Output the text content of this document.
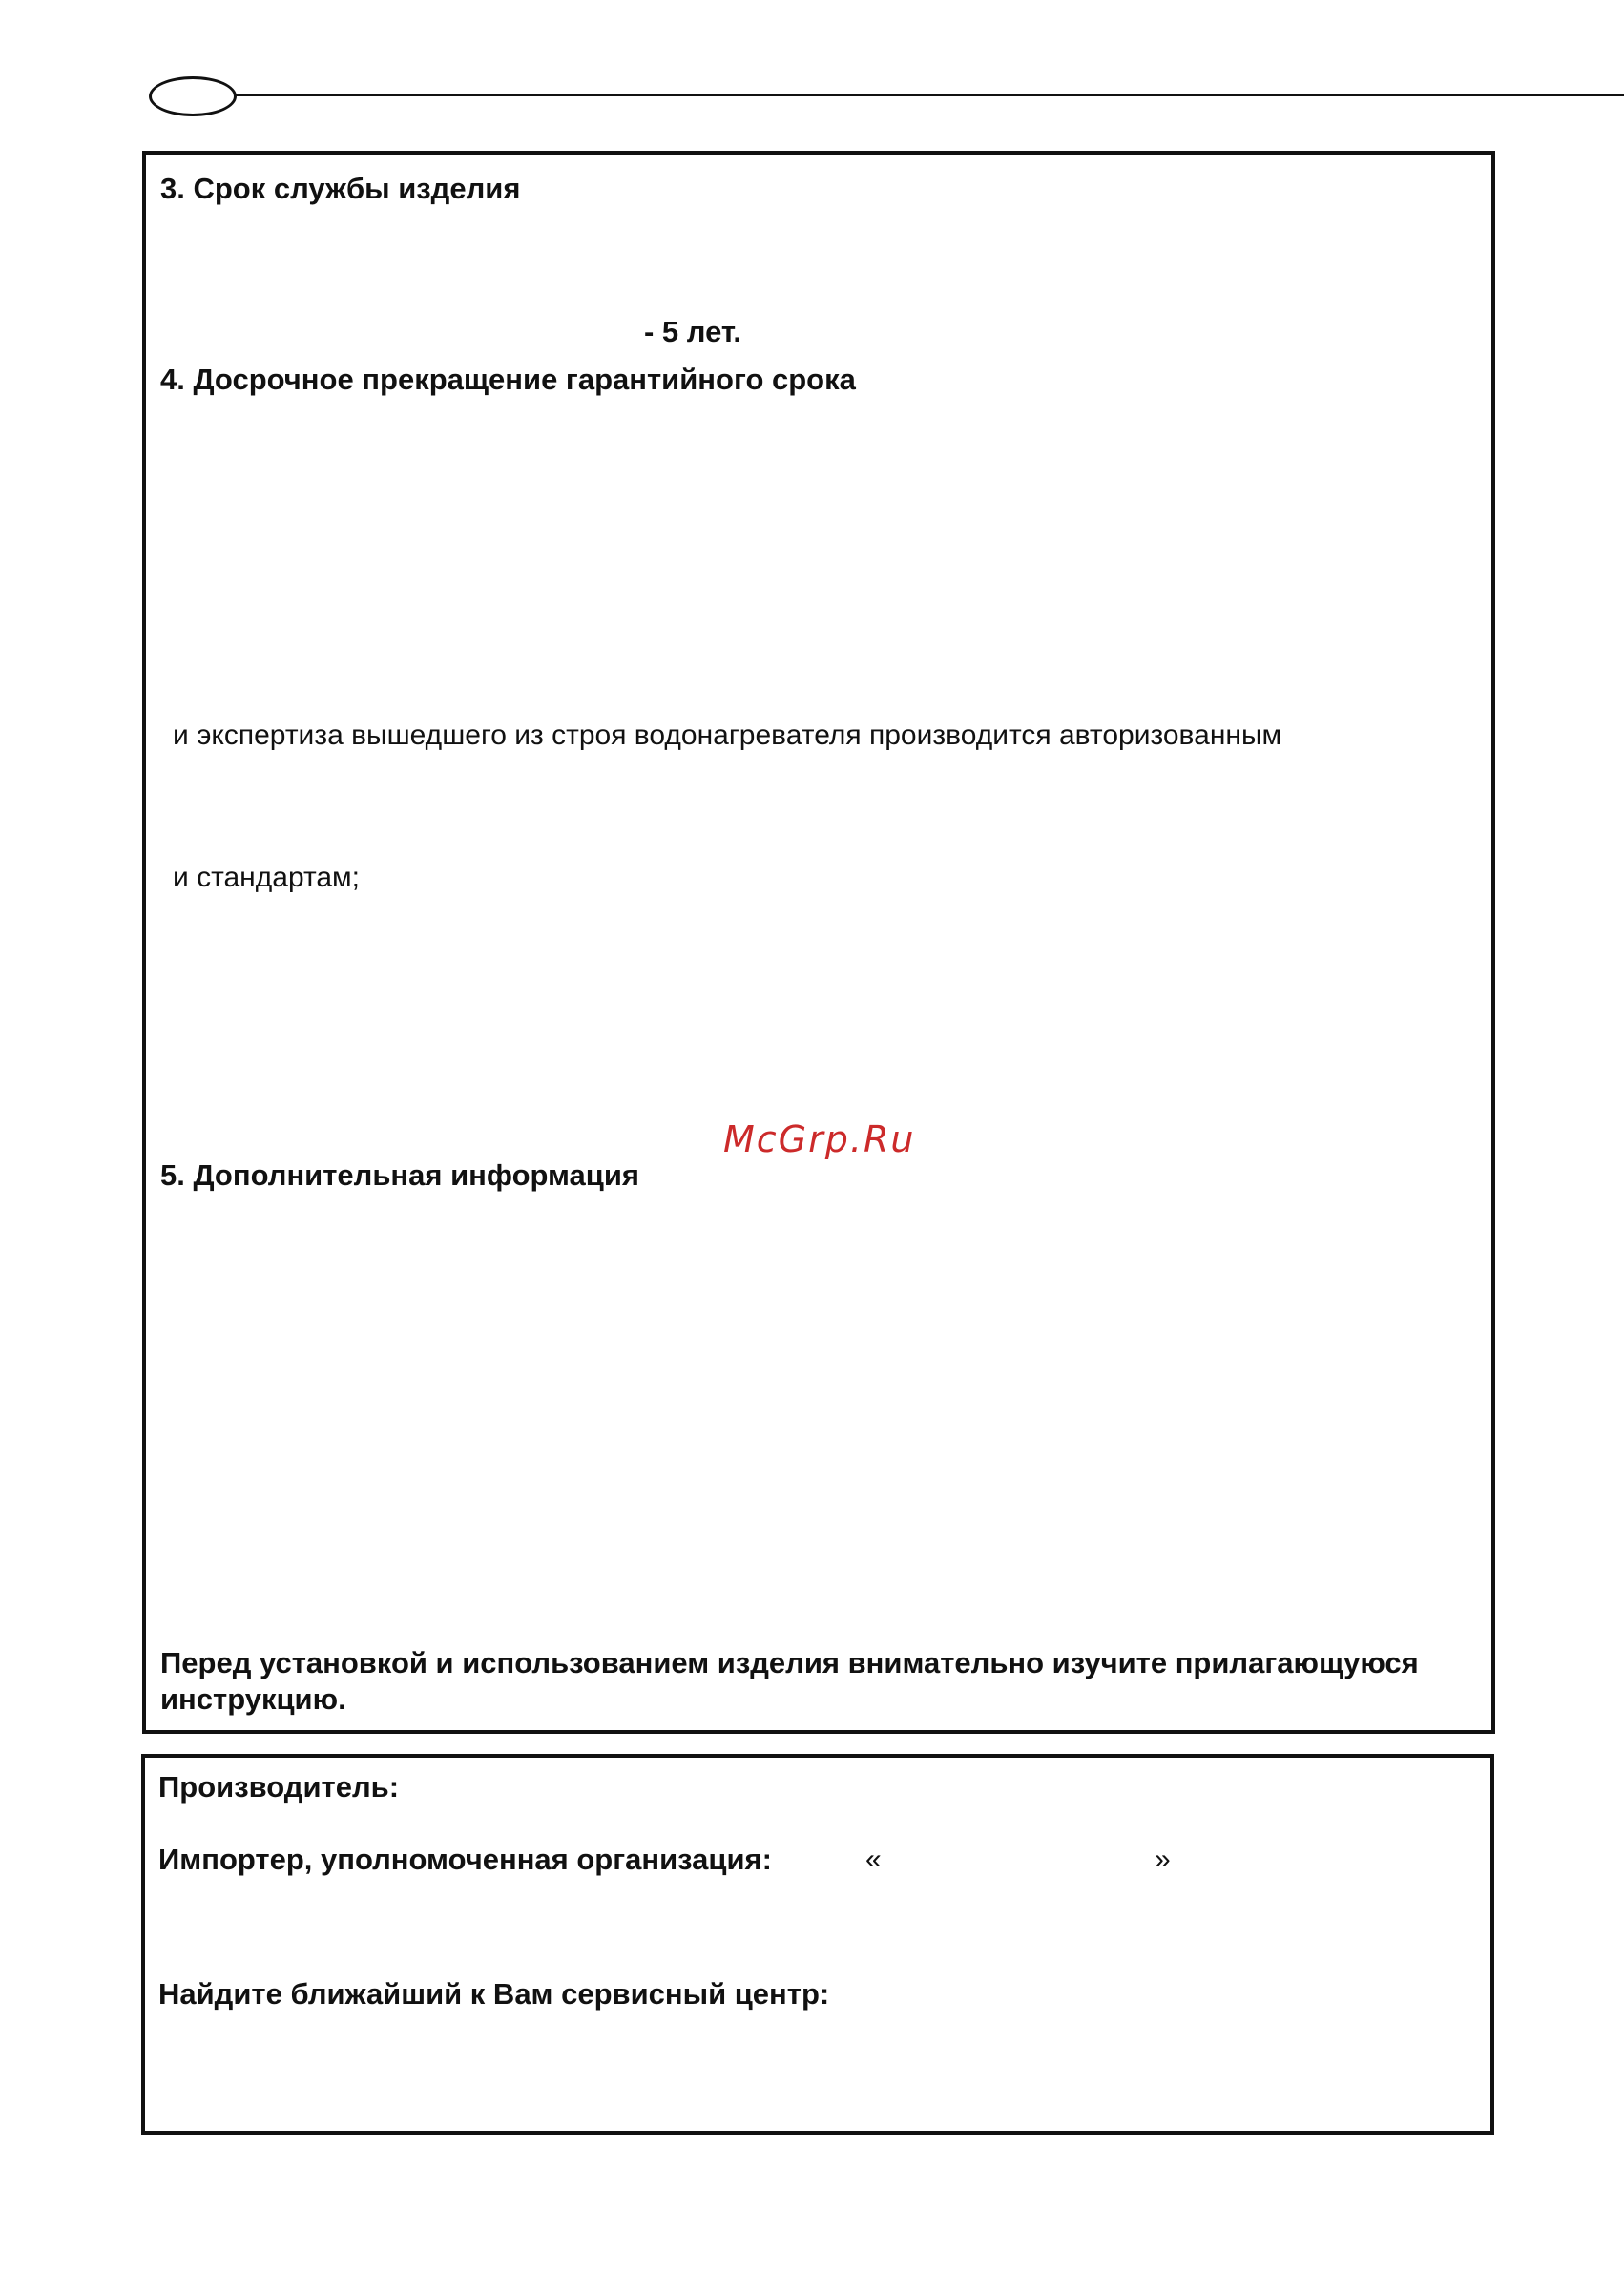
3. Срок службы изделия
- 5 лет.
4. Досрочное прекращение гарантийного срока
и экспертиза вышедшего из строя водонагревателя производится авторизованным
и стандартам;
McGrp.Ru
5. Дополнительная информация
Перед установкой и использованием изделия внимательно изучите прилагающуюся
инструкцию.
Производитель:
Импортер, уполномоченная организация:	«	»
Найдите ближайший к Вам сервисный центр:
